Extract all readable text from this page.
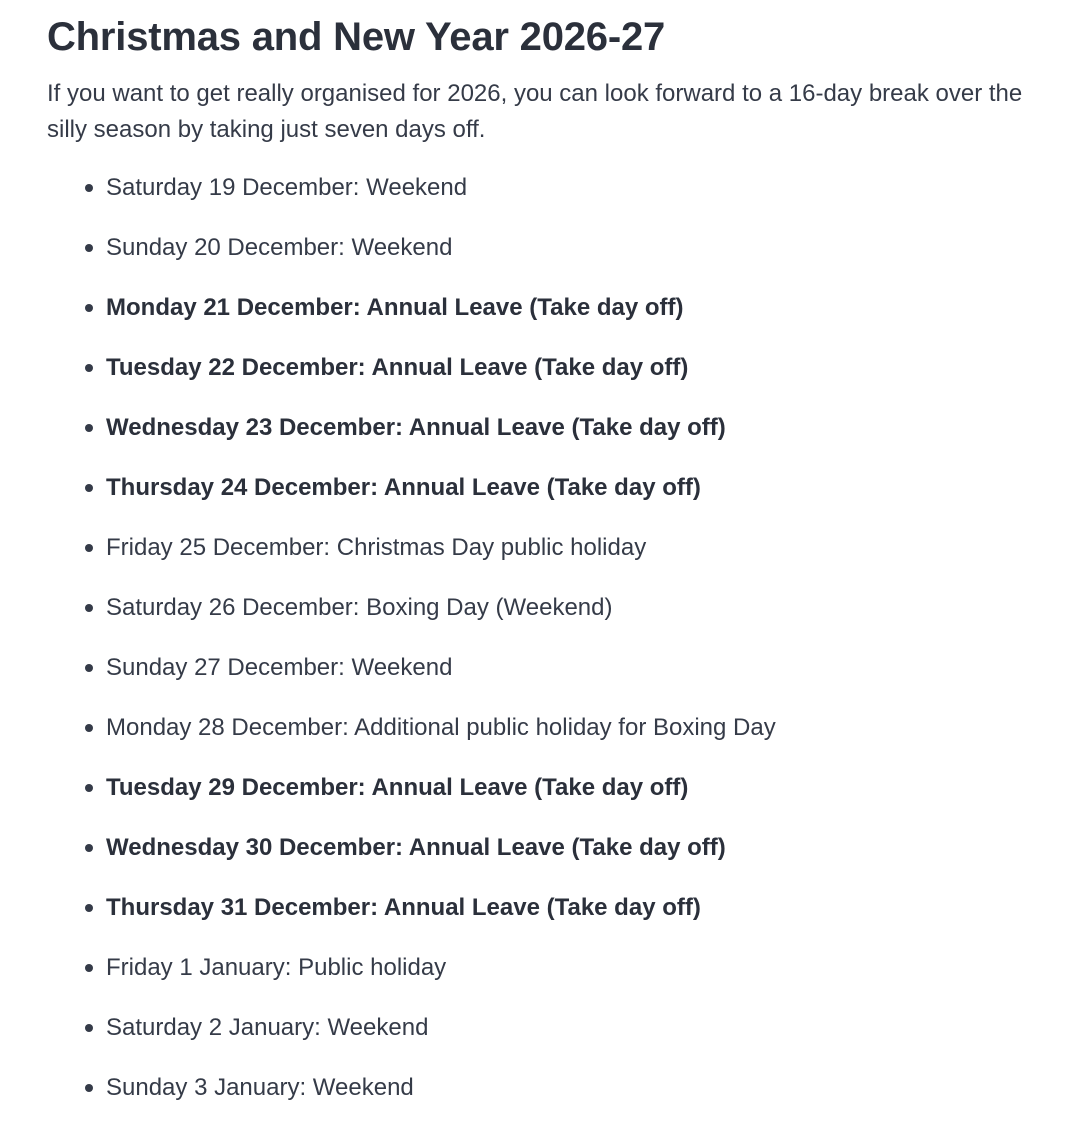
Christmas and New Year 2026-27

If you want to get really organised for 2026, you can look forward to a 16-day break over the silly season by taking just seven days off.

Saturday 19 December: Weekend
Sunday 20 December: Weekend
Monday 21 December: Annual Leave (Take day off)
Tuesday 22 December: Annual Leave (Take day off)
Wednesday 23 December: Annual Leave (Take day off)
Thursday 24 December: Annual Leave (Take day off)
Friday 25 December: Christmas Day public holiday
Saturday 26 December: Boxing Day (Weekend)
Sunday 27 December: Weekend
Monday 28 December: Additional public holiday for Boxing Day
Tuesday 29 December: Annual Leave (Take day off)
Wednesday 30 December: Annual Leave (Take day off)
Thursday 31 December: Annual Leave (Take day off)
Friday 1 January: Public holiday
Saturday 2 January: Weekend
Sunday 3 January: Weekend
